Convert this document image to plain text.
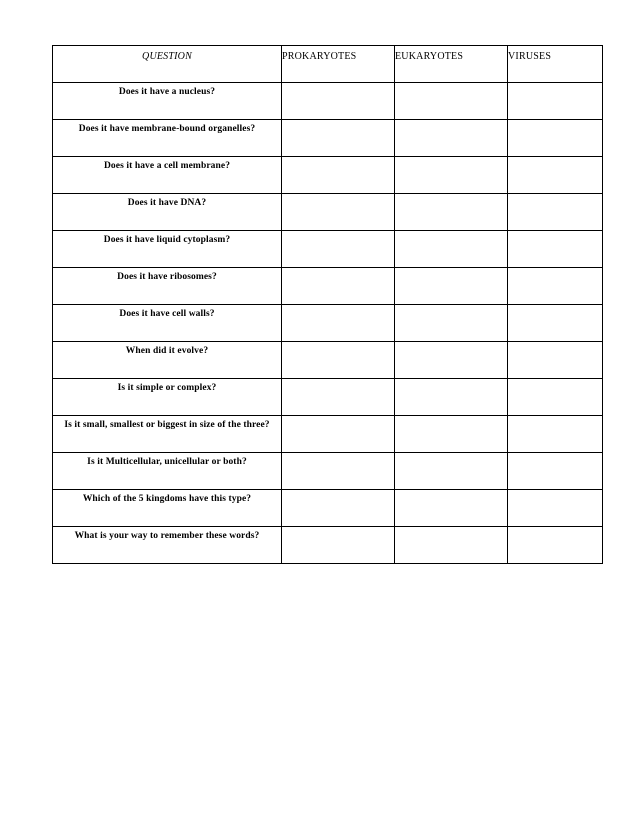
QUESTION	PROKARYOTES	EUKARYOTES	VIRUSES

Does it have a nucleus?			

Does it have membrane-bound organelles?			

Does it have a cell membrane?			

Does it have DNA?			

Does it have liquid cytoplasm?			

Does it have ribosomes?			

Does it have cell walls?			

When did it evolve?			

Is it simple or complex?			

Is it small, smallest or biggest in size of the three?			

Is it Multicellular, unicellular or both?			

Which of the 5 kingdoms have this type?			

What is your way to remember these words?			
